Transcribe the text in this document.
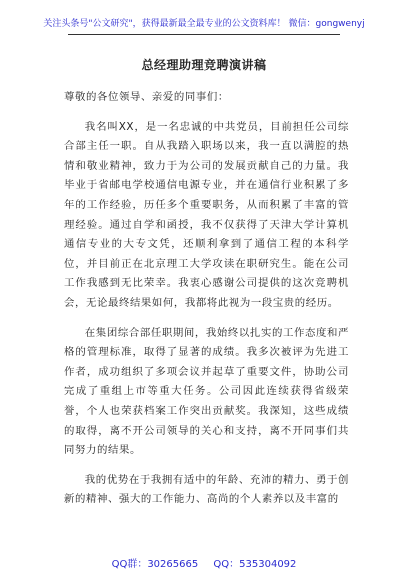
关注头条号"公文研究"，获得最新最全最专业的公文资料库！ 微信：gongwenyj
总经理助理竞聘演讲稿

尊敬的各位领导、亲爱的同事们：

我名叫XX，是一名忠诚的中共党员，目前担任公司综合部主任一职。自从我踏入职场以来，我一直以满腔的热情和敬业精神，致力于为公司的发展贡献自己的力量。我毕业于省邮电学校通信电源专业，并在通信行业积累了多年的工作经验，历任多个重要职务，从而积累了丰富的管理经验。通过自学和函授，我不仅获得了天津大学计算机通信专业的大专文凭，还顺利拿到了通信工程的本科学位，并目前正在北京理工大学攻读在职研究生。能在公司工作我感到无比荣幸。我衷心感谢公司提供的这次竞聘机会，无论最终结果如何，我都将此视为一段宝贵的经历。

在集团综合部任职期间，我始终以扎实的工作态度和严格的管理标准，取得了显著的成绩。我多次被评为先进工作者，成功组织了多项会议并起草了重要文件，协助公司完成了重组上市等重大任务。公司因此连续获得省级荣誉，个人也荣获档案工作突出贡献奖。我深知，这些成绩的取得，离不开公司领导的关心和支持，离不开同事们共同努力的结果。

我的优势在于我拥有适中的年龄、充沛的精力、勇于创新的精神、强大的工作能力、高尚的个人素养以及丰富的

QQ群：30265665 QQ：535304092
